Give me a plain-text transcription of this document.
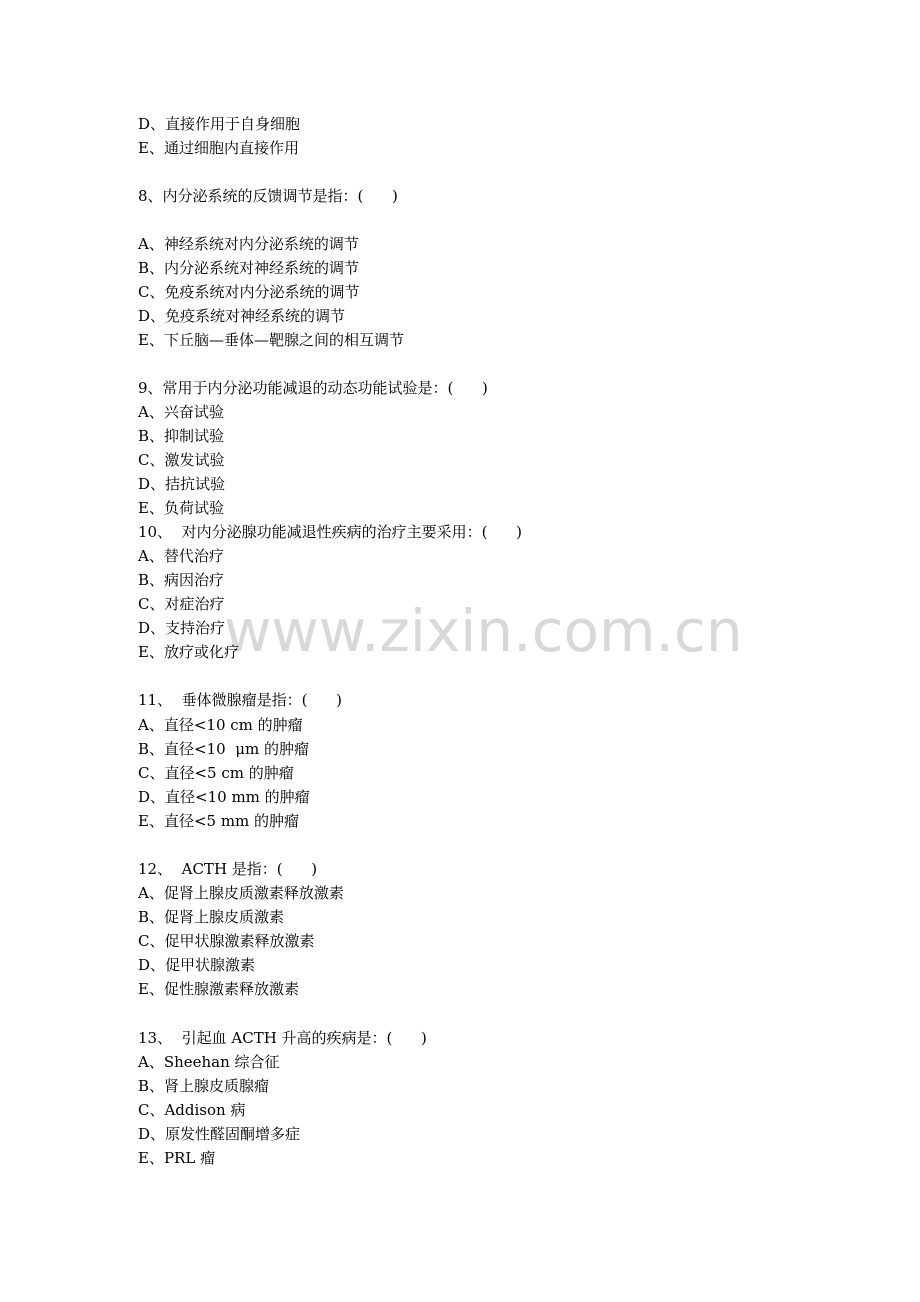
www.zixin.com.cn
D、直接作用于自身细胞
E、通过细胞内直接作用
8、内分泌系统的反馈调节是指：(      )
A、神经系统对内分泌系统的调节
B、内分泌系统对神经系统的调节
C、免疫系统对内分泌系统的调节
D、免疫系统对神经系统的调节
E、下丘脑—垂体—靶腺之间的相互调节
9、常用于内分泌功能减退的动态功能试验是：(      )
A、兴奋试验
B、抑制试验
C、激发试验
D、拮抗试验
E、负荷试验
10、  对内分泌腺功能减退性疾病的治疗主要采用：(      )
A、替代治疗
B、病因治疗
C、对症治疗
D、支持治疗
E、放疗或化疗
11、  垂体微腺瘤是指：(      )
A、直径<10 cm 的肿瘤
B、直径<10  μm 的肿瘤
C、直径<5 cm 的肿瘤
D、直径<10 mm 的肿瘤
E、直径<5 mm 的肿瘤
12、  ACTH 是指：(      )
A、促肾上腺皮质激素释放激素
B、促肾上腺皮质激素
C、促甲状腺激素释放激素
D、促甲状腺激素
E、促性腺激素释放激素
13、  引起血 ACTH 升高的疾病是：(      )
A、Sheehan 综合征
B、肾上腺皮质腺瘤
C、Addison 病
D、原发性醛固酮增多症
E、PRL 瘤
